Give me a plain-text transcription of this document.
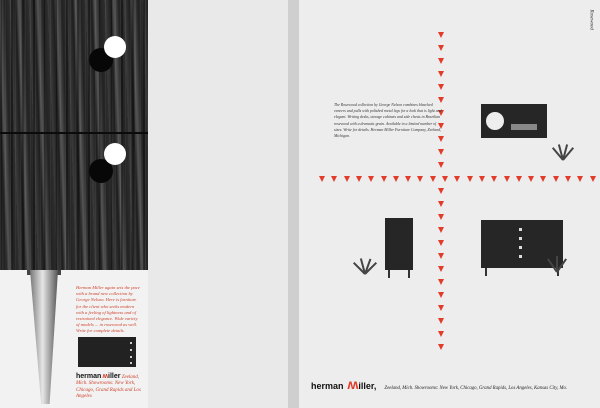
Herman Miller again sets the pace with a brand new collection by George Nelson. Here is furniture for the client who seeks modern with a feeling of lightness and of restrained elegance. Wide variety of models ... in rosewood as well. Write for complete details.
herman ʍiller Zeeland, Mich. Showrooms: New York, Chicago, Grand Rapids and Los Angeles
Rosewood
The Rosewood collection by George Nelson combines bleached veneers and pulls with polished metal legs for a look that is light and elegant. Writing desks, storage cabinets and side chests in Brazilian rosewood with a dramatic grain. Available in a limited number of sizes. Write for details. Herman Miller Furniture Company, Zeeland, Michigan.
herman ʍiller, Zeeland, Mich. Showrooms: New York, Chicago, Grand Rapids, Los Angeles, Kansas City, Mo.
